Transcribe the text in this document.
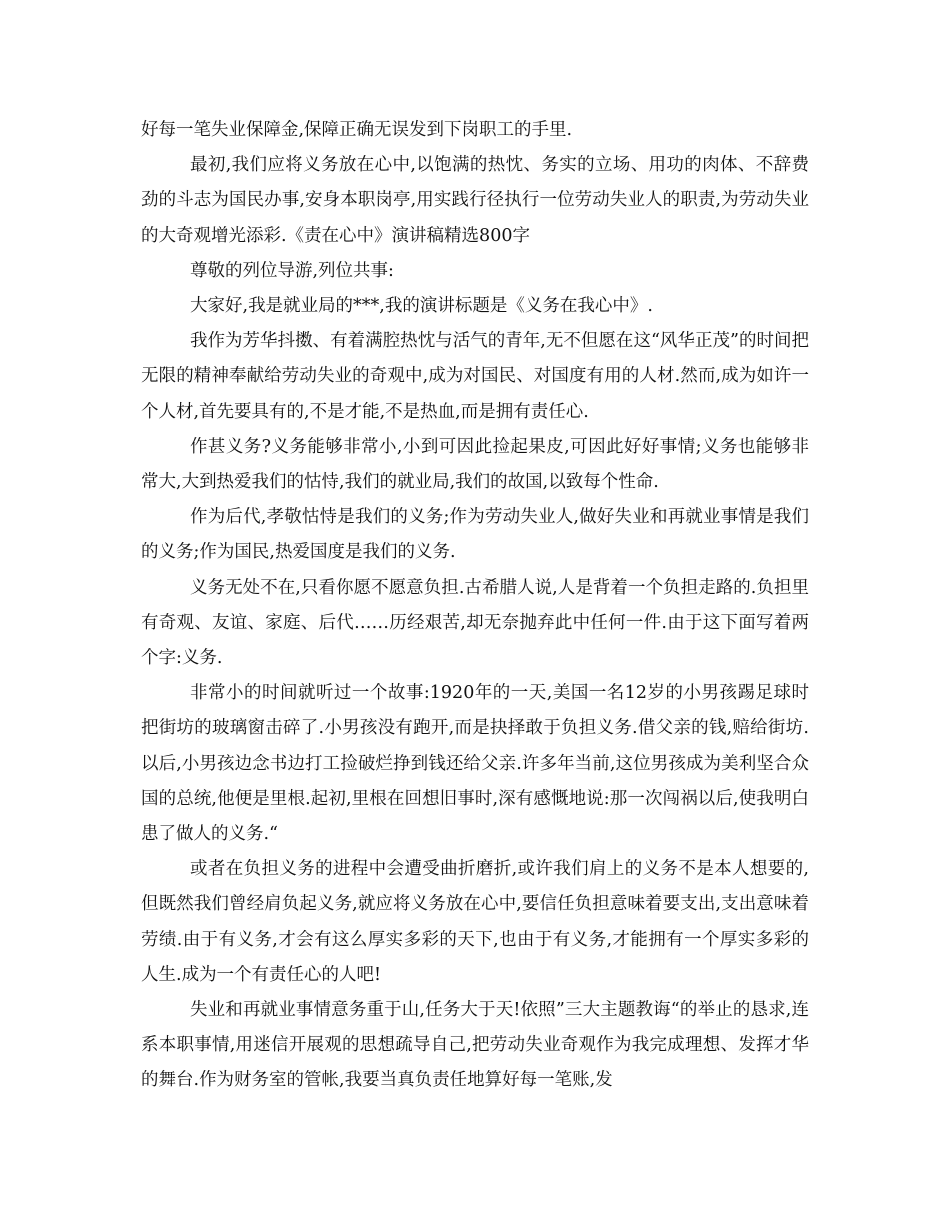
好每一笔失业保障金,保障正确无误发到下岗职工的手里.

最初,我们应将义务放在心中,以饱满的热忱、务实的立场、用功的肉体、不辞费劲的斗志为国民办事,安身本职岗亭,用实践行径执行一位劳动失业人的职责,为劳动失业的大奇观增光添彩.《责在心中》演讲稿精选800字

尊敬的列位导游,列位共事:

大家好,我是就业局的***,我的演讲标题是《义务在我心中》.

我作为芳华抖擞、有着满腔热忱与活气的青年,无不但愿在这“风华正茂”的时间把无限的精神奉献给劳动失业的奇观中,成为对国民、对国度有用的人材.然而,成为如许一个人材,首先要具有的,不是才能,不是热血,而是拥有责任心.

作甚义务?义务能够非常小,小到可因此捡起果皮,可因此好好事情;义务也能够非常大,大到热爱我们的怙恃,我们的就业局,我们的故国,以致每个性命.

作为后代,孝敬怙恃是我们的义务;作为劳动失业人,做好失业和再就业事情是我们的义务;作为国民,热爱国度是我们的义务.

义务无处不在,只看你愿不愿意负担.古希腊人说,人是背着一个负担走路的.负担里有奇观、友谊、家庭、后代……历经艰苦,却无奈抛弃此中任何一件.由于这下面写着两个字:义务.

非常小的时间就听过一个故事:1920年的一天,美国一名12岁的小男孩踢足球时把街坊的玻璃窗击碎了.小男孩没有跑开,而是抉择敢于负担义务.借父亲的钱,赔给街坊.以后,小男孩边念书边打工捡破烂挣到钱还给父亲.许多年当前,这位男孩成为美利坚合众国的总统,他便是里根.起初,里根在回想旧事时,深有感慨地说:那一次闯祸以后,使我明白患了做人的义务.“

或者在负担义务的进程中会遭受曲折磨折,或许我们肩上的义务不是本人想要的,但既然我们曾经肩负起义务,就应将义务放在心中,要信任负担意味着要支出,支出意味着劳绩.由于有义务,才会有这么厚实多彩的天下,也由于有义务,才能拥有一个厚实多彩的人生.成为一个有责任心的人吧!

失业和再就业事情意务重于山,任务大于天!依照”三大主题教诲“的举止的恳求,连系本职事情,用迷信开展观的思想疏导自己,把劳动失业奇观作为我完成理想、发挥才华的舞台.作为财务室的管帐,我要当真负责任地算好每一笔账,发
